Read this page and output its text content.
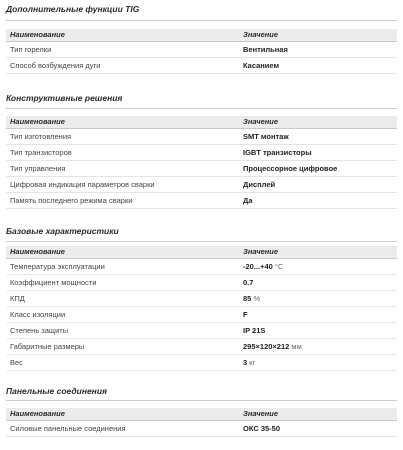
Дополнительные функции TIG
Наименование	Значение
Тип горелки	Вентильная
Способ возбуждения дуги	Касанием
Конструктивные решения
Наименование	Значение
Тип изготовления	SMT монтаж
Тип транзисторов	IGBT транзисторы
Тип управления	Процессорное цифровое
Цифровая индикация параметров сварки	Дисплей
Память последнего режима сварки	Да
Базовые характеристики
Наименование	Значение
Температура эксплуатации	-20...+40 °C
Коэффициент мощности	0.7
КПД	85 %
Класс изоляции	F
Степень защиты	IP 21S
Габаритные размеры	295×120×212 мм
Вес	3 кг
Панельные соединения
Наименование	Значение
Силовые панельные соединения	ОКС 35-50
